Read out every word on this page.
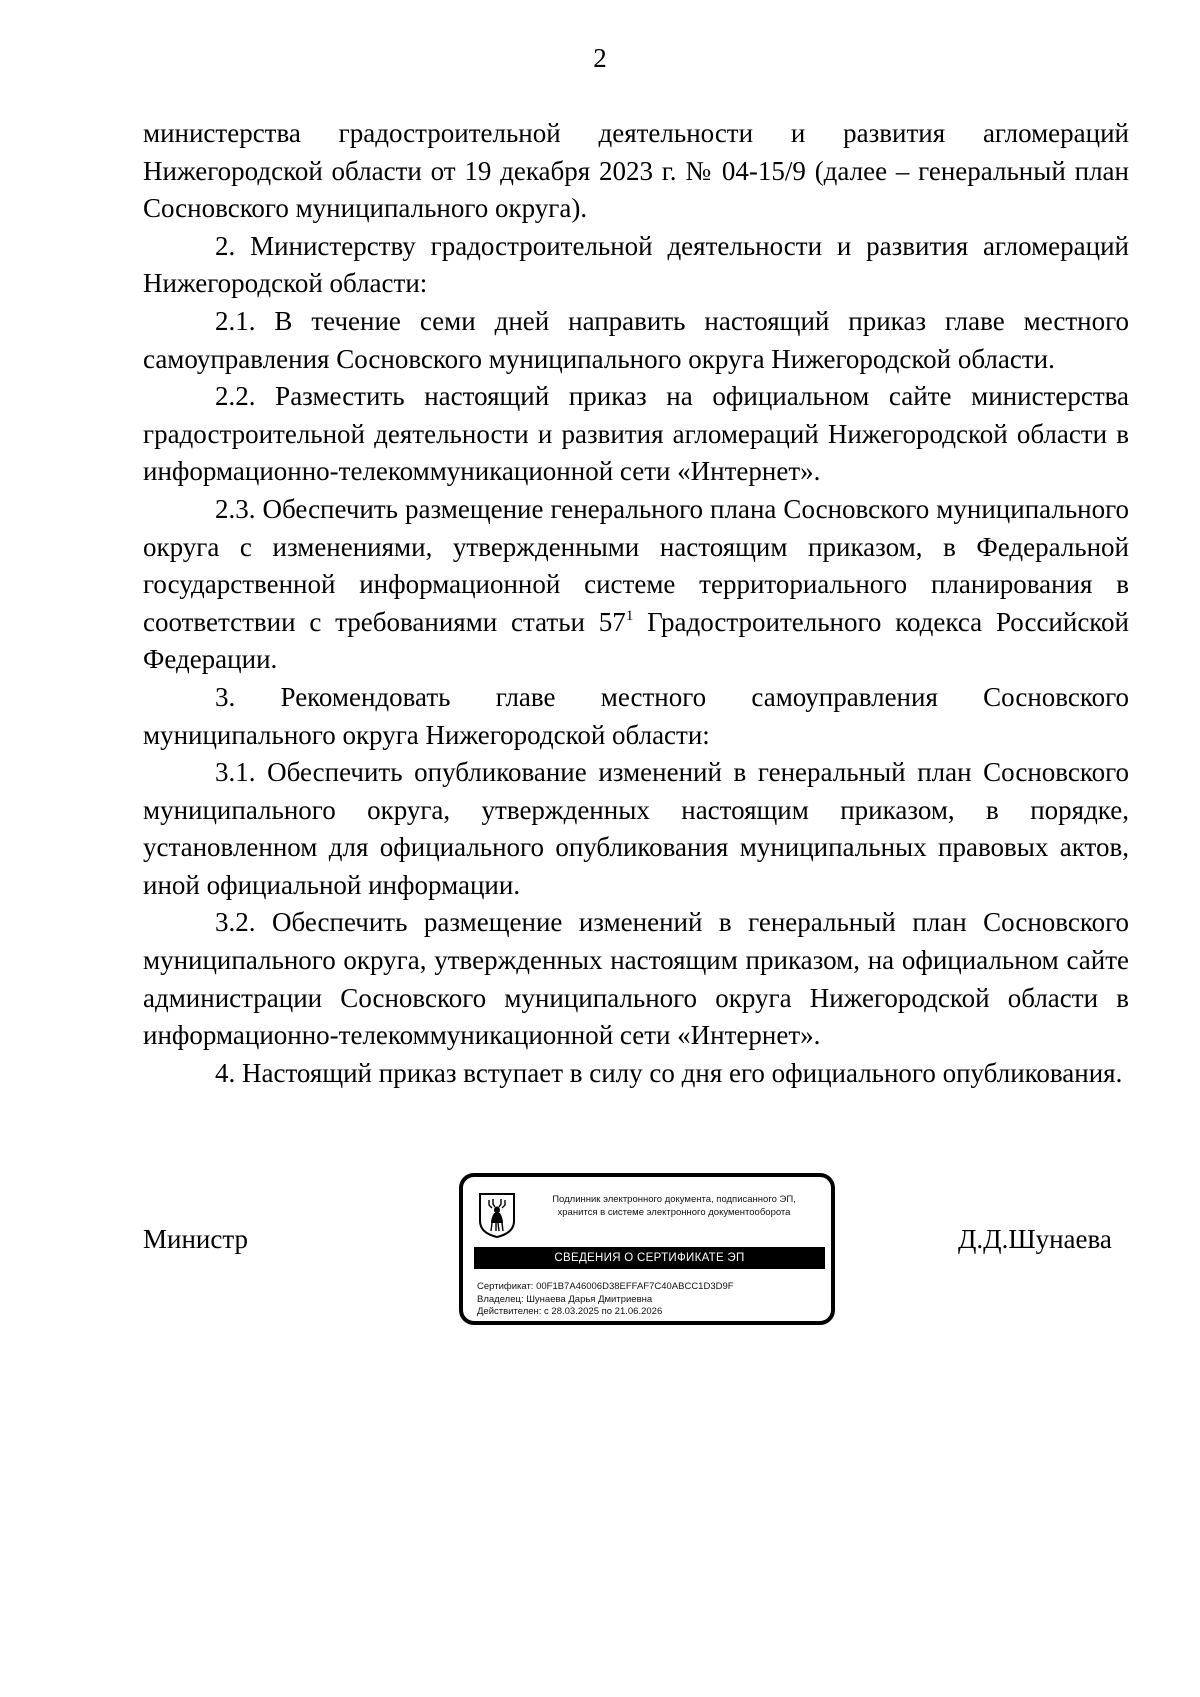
2

министерства градостроительной деятельности и развития агломераций Нижегородской области от 19 декабря 2023 г. № 04-15/9 (далее – генеральный план Сосновского муниципального округа).

2. Министерству градостроительной деятельности и развития агломераций Нижегородской области:

2.1. В течение семи дней направить настоящий приказ главе местного самоуправления Сосновского муниципального округа Нижегородской области.

2.2. Разместить настоящий приказ на официальном сайте министерства градостроительной деятельности и развития агломераций Нижегородской области в информационно-телекоммуникационной сети «Интернет».

2.3. Обеспечить размещение генерального плана Сосновского муниципального округа с изменениями, утвержденными настоящим приказом, в Федеральной государственной информационной системе территориального планирования в соответствии с требованиями статьи $57^1$ Градостроительного кодекса Российской Федерации.

3. Рекомендовать главе местного самоуправления Сосновского муниципального округа Нижегородской области:

3.1. Обеспечить опубликование изменений в генеральный план Сосновского муниципального округа, утвержденных настоящим приказом, в порядке, установленном для официального опубликования муниципальных правовых актов, иной официальной информации.

3.2. Обеспечить размещение изменений в генеральный план Сосновского муниципального округа, утвержденных настоящим приказом, на официальном сайте администрации Сосновского муниципального округа Нижегородской области в информационно-телекоммуникационной сети «Интернет».

4. Настоящий приказ вступает в силу со дня его официального опубликования.

Министр
Подлинник электронного документа, подписанного ЭП,
хранится в системе электронного документооборота
СВЕДЕНИЯ О СЕРТИФИКАТЕ ЭП
Сертификат: 00F1B7A46006D38EFFAF7C40ABCC1D3D9F
Владелец: Шунаева Дарья Дмитриевна
Действителен: с 28.03.2025 по 21.06.2026
Д.Д.Шунаева
